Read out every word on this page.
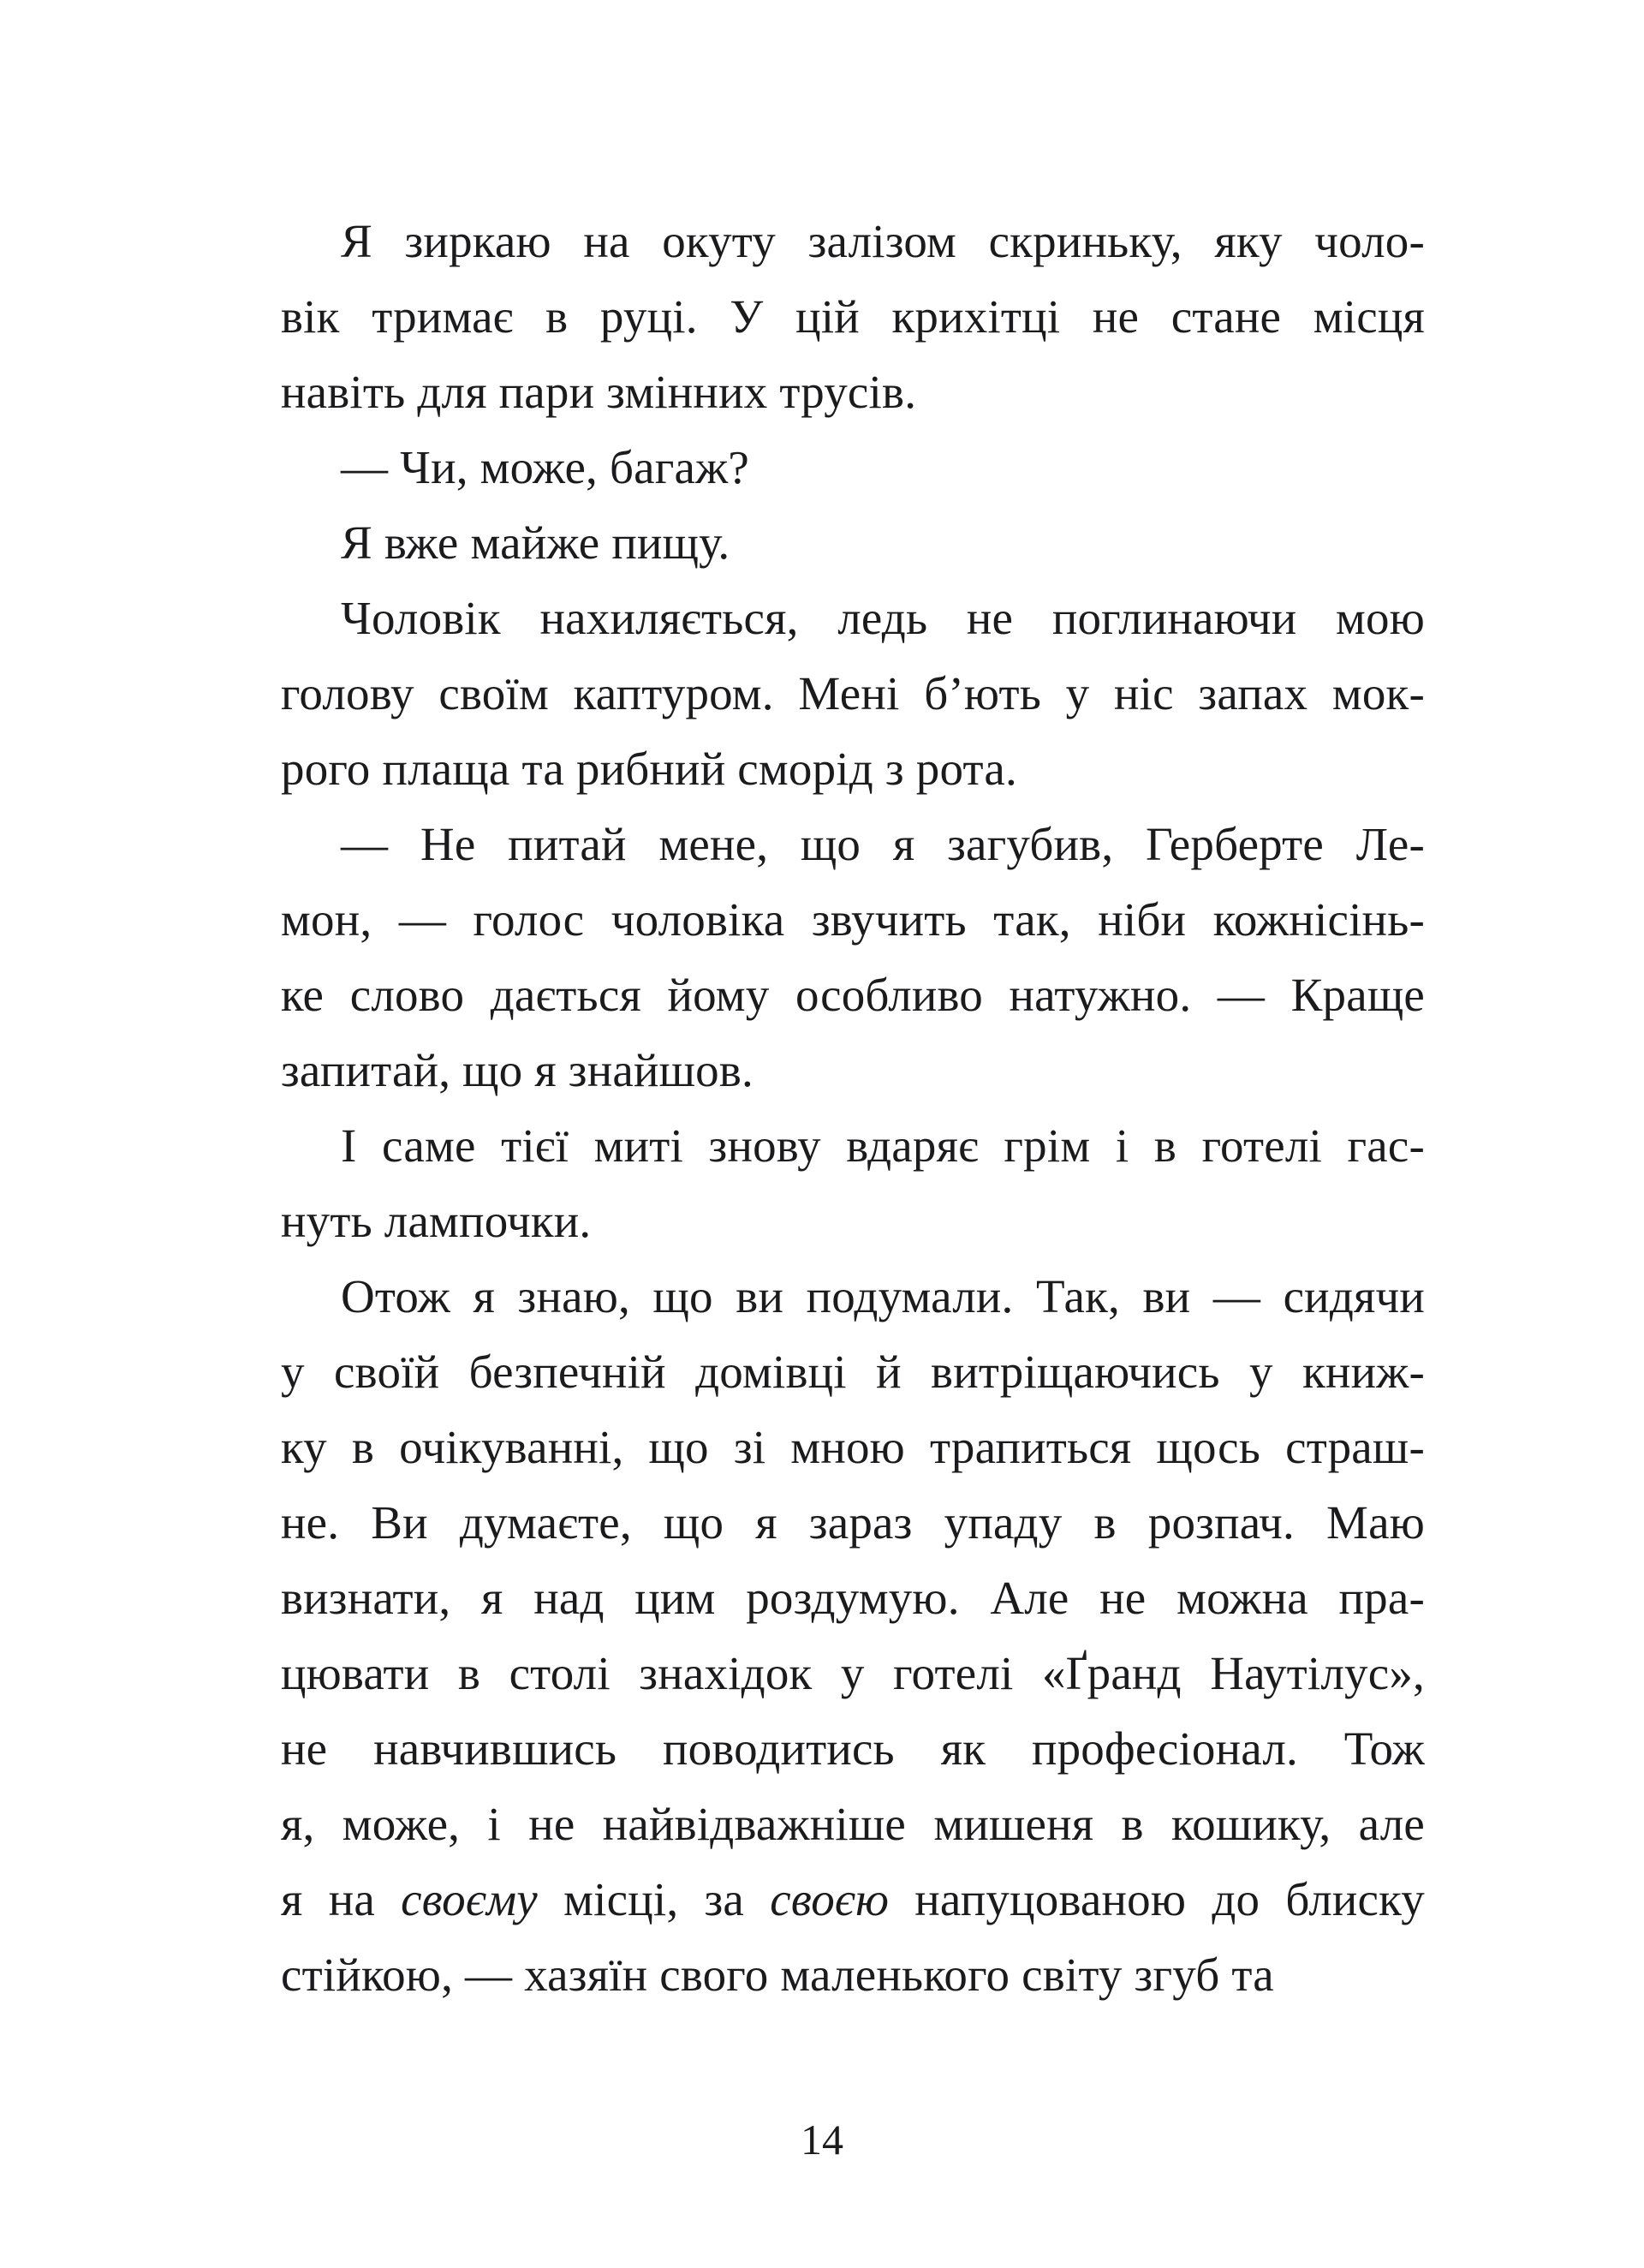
Я зиркаю на окуту залізом скриньку, яку чоло-
вік тримає в руці. У цій крихітці не стане місця
навіть для пари змінних трусів.
— Чи, може, багаж?
Я вже майже пищу.
Чоловік нахиляється, ледь не поглинаючи мою
голову своїм каптуром. Мені б’ють у ніс запах мок-
рого плаща та рибний сморід з рота.
— Не питай мене, що я загубив, Герберте Ле-
мон, — голос чоловіка звучить так, ніби кожнісінь-
ке слово дається йому особливо натужно. — Краще
запитай, що я знайшов.
І саме тієї миті знову вдаряє грім і в готелі гас-
нуть лампочки.
Отож я знаю, що ви подумали. Так, ви — сидячи
у своїй безпечній домівці й витріщаючись у книж-
ку в очікуванні, що зі мною трапиться щось страш-
не. Ви думаєте, що я зараз упаду в розпач. Маю
визнати, я над цим роздумую. Але не можна пра-
цювати в столі знахідок у готелі «Ґранд Наутілус»,
не навчившись поводитись як професіонал. Тож
я, може, і не найвідважніше мишеня в кошику, але
я на своєму місці, за своєю напуцованою до блиску
стійкою, — хазяїн свого маленького світу згуб та
14
